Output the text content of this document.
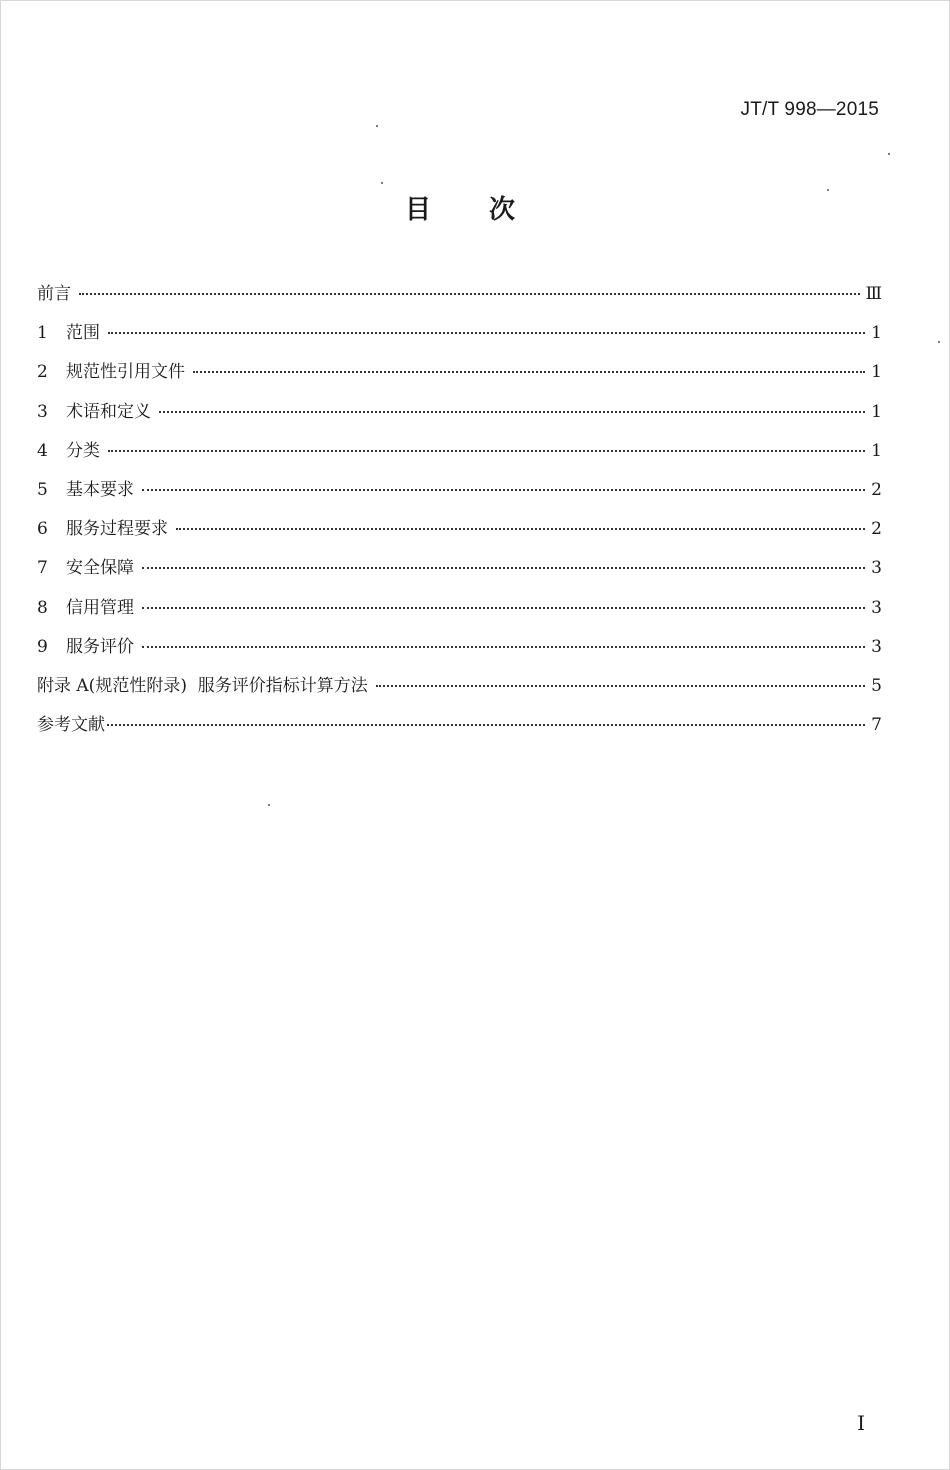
JT/T 998—2015
目次
前言	Ⅲ
1	范围	1
2	规范性引用文件	1
3	术语和定义	1
4	分类	1
5	基本要求	2
6	服务过程要求	2
7	安全保障	3
8	信用管理	3
9	服务评价	3
附录 A(规范性附录)  服务评价指标计算方法	5
参考文献	7
I
